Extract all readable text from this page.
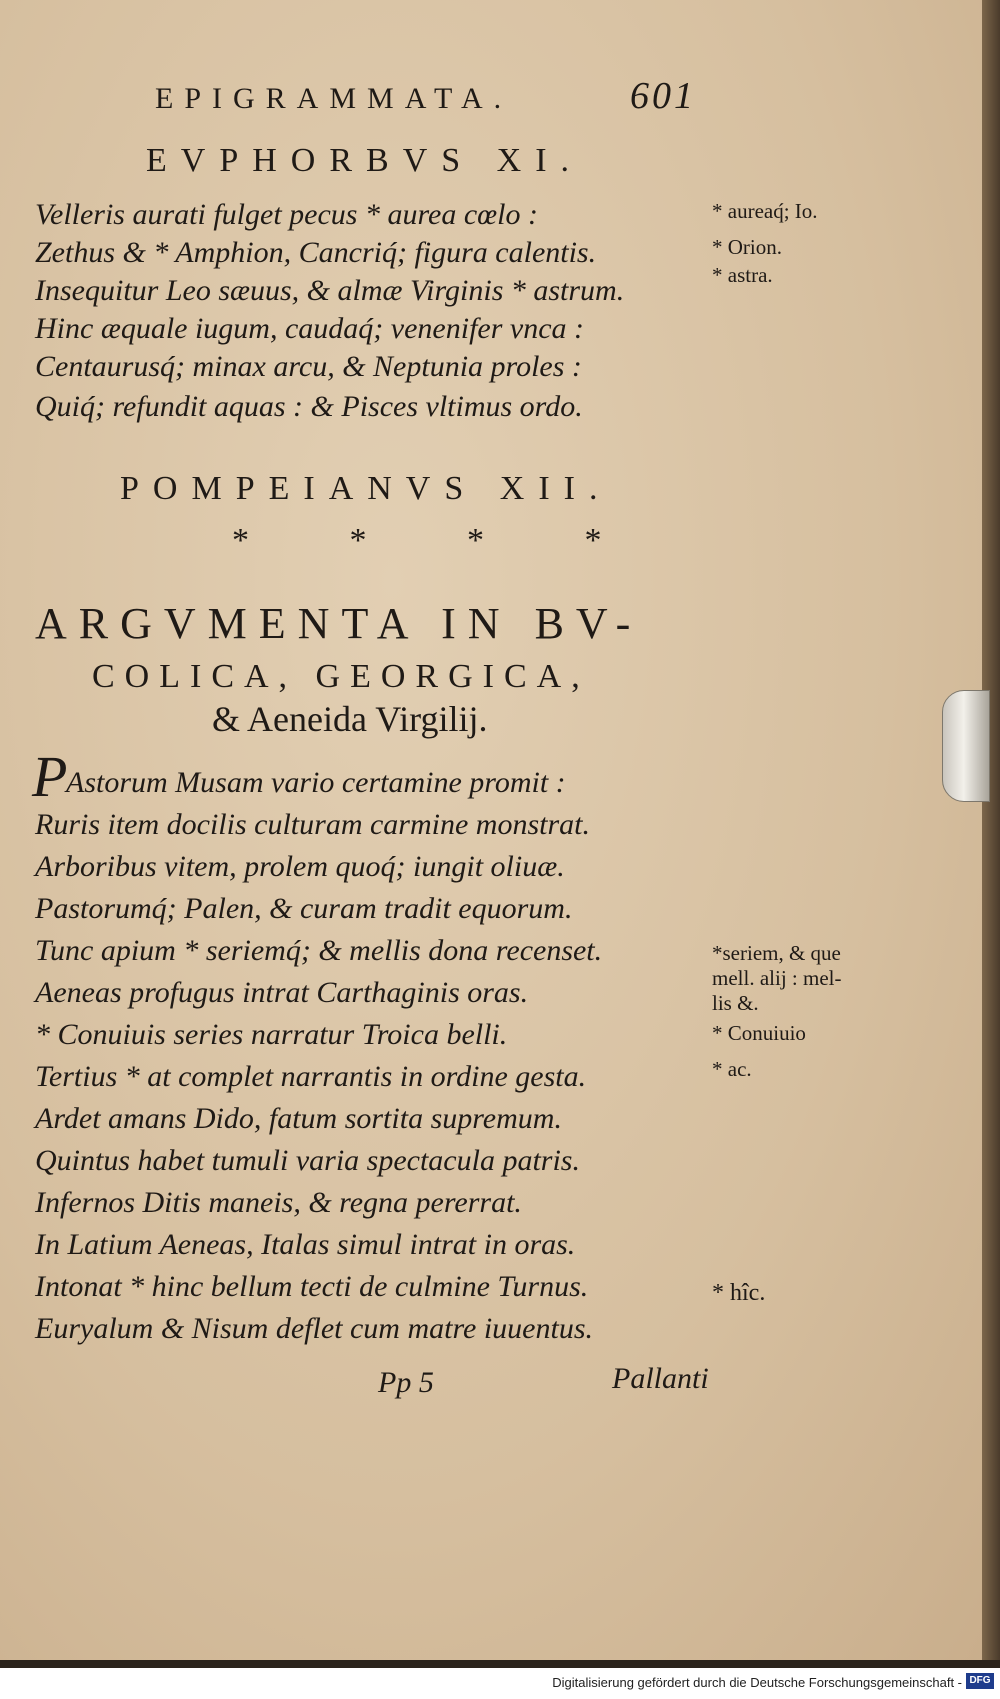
EPIGRAMMATA.	601
EVPHORBVS XI.
Velleris aurati fulget pecus * aurea cœlo :
Zethus & * Amphion, Cancriq́; figura calentis.
Insequitur Leo sæuus, & almæ Virginis * astrum.
Hinc æquale iugum, caudaq́; venenifer vnca :
Centaurusq́; minax arcu, & Neptunia proles :
Quiq́; refundit aquas : & Pisces vltimus ordo.
* aureaq́; Io.
* Orion.
* astra.
POMPEIANVS XII.
* * * *
ARGVMENTA IN BV-
COLICA, GEORGICA,
& Aeneida Virgilij.
P
Astorum Musam vario certamine promit :
Ruris item docilis culturam carmine monstrat.
Arboribus vitem, prolem quoq́; iungit oliuæ.
Pastorumq́; Palen, & curam tradit equorum.
Tunc apium * seriemq́; & mellis dona recenset.
Aeneas profugus intrat Carthaginis oras.
* Conuiuis series narratur Troica belli.
Tertius * at complet narrantis in ordine gesta.
Ardet amans Dido, fatum sortita supremum.
Quintus habet tumuli varia spectacula patris.
Infernos Ditis maneis, & regna pererrat.
In Latium Aeneas, Italas simul intrat in oras.
Intonat * hinc bellum tecti de culmine Turnus.
Euryalum & Nisum deflet cum matre iuuentus.
*seriem, & que
mell. alij : mel-
lis &.
* Conuiuio
* ac.
* hîc.
Pp 5	Pallanti
Digitalisierung gefördert durch die Deutsche Forschungsgemeinschaft - DFG
